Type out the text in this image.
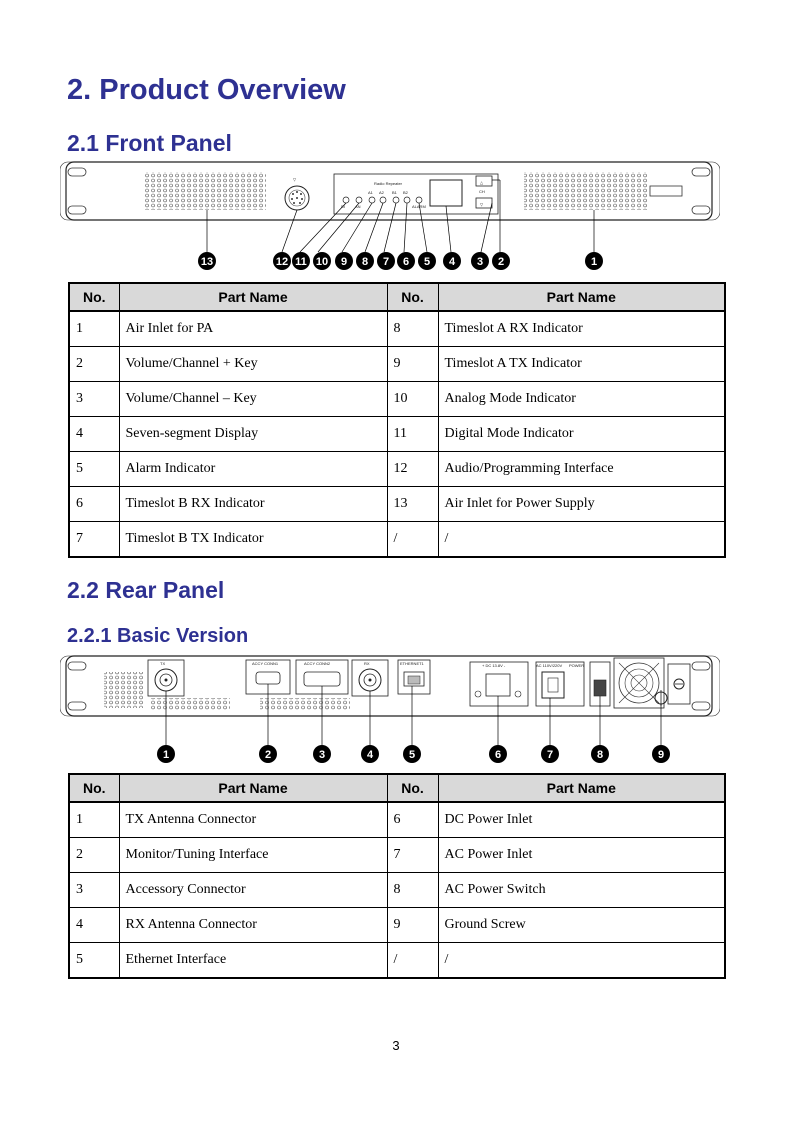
2. Product Overview
2.1 Front Panel
▽
Radio Repeater
DI	AN
A1 A2 B1 B2
ALARM
△
CH
▽
13	12 11 10 9 8 7 6 5 4 3 2	1
No.	Part Name	No.	Part Name
1	Air Inlet for PA	8	Timeslot A RX Indicator
2	Volume/Channel + Key	9	Timeslot A TX Indicator
3	Volume/Channel – Key	10	Analog Mode Indicator
4	Seven-segment Display	11	Digital Mode Indicator
5	Alarm Indicator	12	Audio/Programming Interface
6	Timeslot B RX Indicator	13	Air Inlet for Power Supply
7	Timeslot B TX Indicator	/	/
2.2 Rear Panel
2.2.1 Basic Version
TX	ACCY CONN1	ACCY CONN2	RX	ETHERNET1	+ DC 13.8V -	AC 110V/220V POWER
1	2	3	4	5	6	7	8	9
No.	Part Name	No.	Part Name
1	TX Antenna Connector	6	DC Power Inlet
2	Monitor/Tuning Interface	7	AC Power Inlet
3	Accessory Connector	8	AC Power Switch
4	RX Antenna Connector	9	Ground Screw
5	Ethernet Interface	/	/
3
